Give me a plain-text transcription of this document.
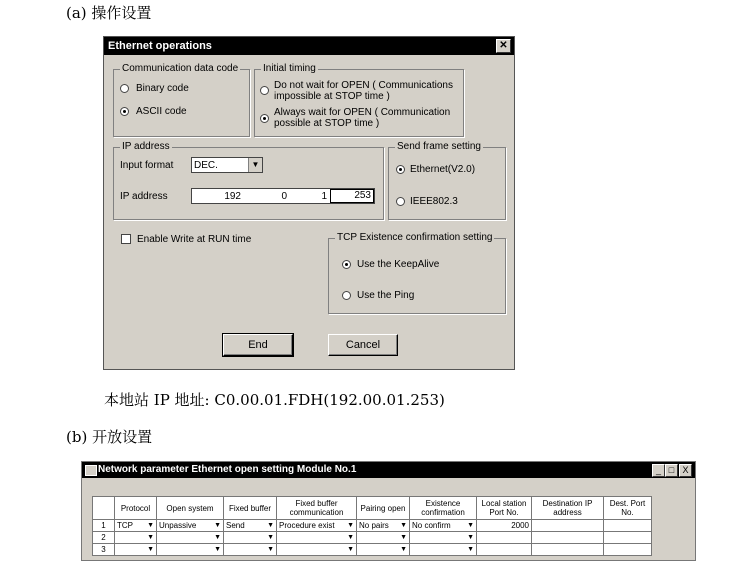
(a) 操作设置
Ethernet operations	✕
Communication data code
Binary code
ASCII code
Initial timing
Do not wait for OPEN ( Communications impossible at STOP time )
Always wait for OPEN ( Communication possible at STOP time )
IP address
Input format DEC.	▼
IP address	192	0	1	253
Send frame setting
Ethernet(V2.0)
IEEE802.3
Enable Write at RUN time	TCP Existence confirmation setting
Use the KeepAlive
Use the Ping
End	Cancel
本地站 IP 地址: C0.00.01.FDH(192.00.01.253)
(b) 开放设置
Network parameter Ethernet open setting Module No.1	_ □ X
	Protocol	Open system	Fixed buffer	Fixed buffer communication	Pairing open	Existence confirmation	Local station Port No.	Destination IP address	Dest. Port No.
1	TCP ▼	Unpassive ▼	Send ▼	Procedure exist ▼	No pairs ▼	No confirm ▼	2000		
2	▼	▼	▼	▼	▼	▼			

3	▼	▼	▼	▼	▼	▼			
